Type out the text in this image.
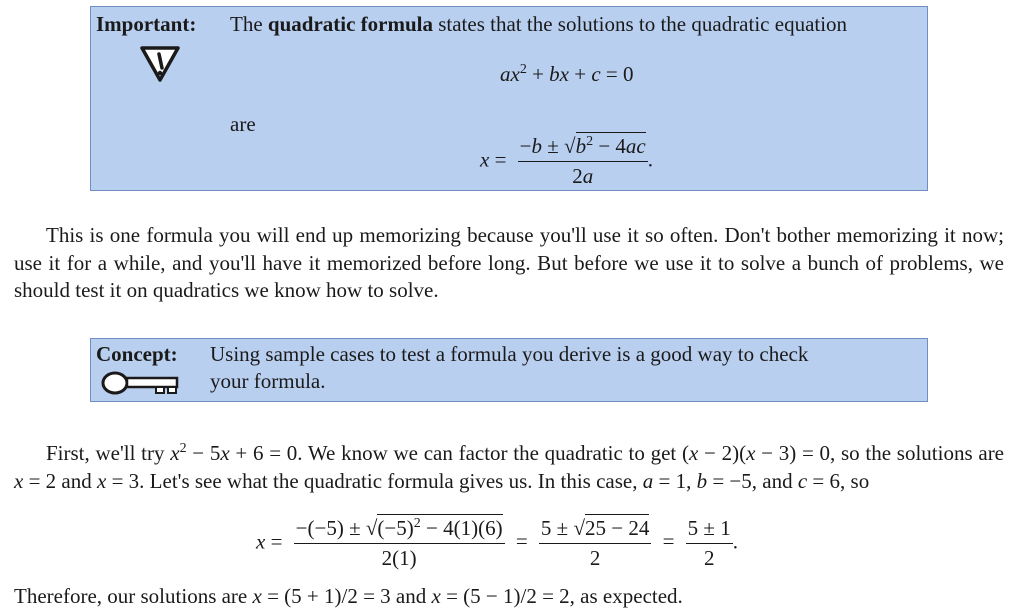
Important: The quadratic formula states that the solutions to the quadratic equation
$ax^2$ + bx + c = 0
are
$x = \frac{-b \pm √b^2 - 4ac}{2a}$ .
This is one formula you will end up memorizing because you'll use it so often. Don't bother memorizing it now; use it for a while, and you'll have it memorized before long. But before we use it to solve a bunch of problems, we should test it on quadratics we know how to solve.
Concept: Using sample cases to test a formula you derive is a good way to check
your formula.
First, we'll try $x^2 - 5x + 6 = 0$. We know we can factor the quadratic to get (x − 2)(x − 3) = 0, so the solutions are x = 2 and x = 3. Let's see what the quadratic formula gives us. In this case, a = 1, b = −5, and c = 6, so
$x = \frac{-(-5) \pm √(-5)^2 - 4(1)(6)}{2(1)} = \frac{5 \pm √25 - 24}{2} = \frac{5 \pm 1}{2}$ .
Therefore, our solutions are x = (5 + 1)/2 = 3 and x = (5 − 1)/2 = 2, as expected.
